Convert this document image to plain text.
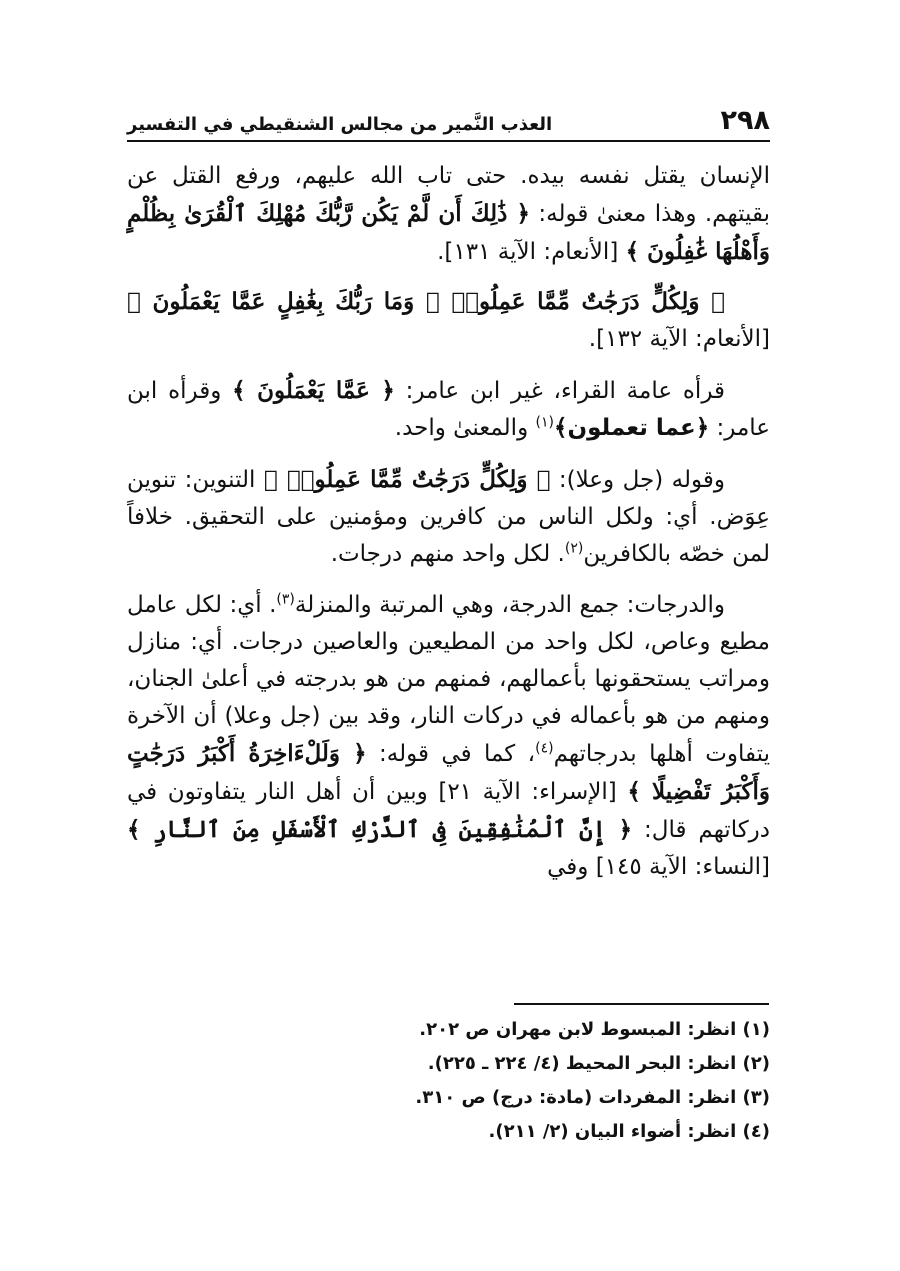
٢٩٨
العذب النَّمير من مجالس الشنقيطي في التفسير

الإنسان يقتل نفسه بيده. حتى تاب الله عليهم، ورفع القتل عن بقيتهم. وهذا معنىٰ قوله: ﴿ ذَٰلِكَ أَن لَّمْ يَكُن رَّبُّكَ مُهْلِكَ ٱلْقُرَىٰ بِظُلْمٍ وَأَهْلُهَا غَٰفِلُونَ ﴾ [الأنعام: الآية ١٣١].

﴿ وَلِكُلٍّ دَرَجَٰتٌ مِّمَّا عَمِلُوا۟ ۚ وَمَا رَبُّكَ بِغَٰفِلٍ عَمَّا يَعْمَلُونَ ﴾ [الأنعام: الآية ١٣٢].

قرأه عامة القراء، غير ابن عامر: ﴿ عَمَّا يَعْمَلُونَ ﴾ وقرأه ابن عامر: ﴿عما تعملون﴾$^{(١)}$ والمعنىٰ واحد.

وقوله (جل وعلا): ﴿ وَلِكُلٍّ دَرَجَٰتٌ مِّمَّا عَمِلُوا۟ ﴾ التنوين: تنوين عِوَض. أي: ولكل الناس من كافرين ومؤمنين على التحقيق. خلافاً لمن خصّه بالكافرين$^{(٢)}$. لكل واحد منهم درجات.

والدرجات: جمع الدرجة، وهي المرتبة والمنزلة$^{(٣)}$. أي: لكل عامل مطيع وعاص، لكل واحد من المطيعين والعاصين درجات. أي: منازل ومراتب يستحقونها بأعمالهم، فمنهم من هو بدرجته في أعلىٰ الجنان، ومنهم من هو بأعماله في دركات النار، وقد بين (جل وعلا) أن الآخرة يتفاوت أهلها بدرجاتهم$^{(٤)}$، كما في قوله: ﴿ وَلَلْءَاخِرَةُ أَكْبَرُ دَرَجَٰتٍ وَأَكْبَرُ تَفْضِيلًا ﴾ [الإسراء: الآية ٢١] وبين أن أهل النار يتفاوتون في دركاتهم قال: ﴿ إِنَّ ٱلْمُنَٰفِقِينَ فِى ٱلدَّرْكِ ٱلْأَسْفَلِ مِنَ ٱلنَّارِ ﴾ [النساء: الآية ١٤٥] وفي

(١) انظر: المبسوط لابن مهران ص ٢٠٢.
(٢) انظر: البحر المحيط (٤/ ٢٢٤ ـ ٢٢٥).
(٣) انظر: المفردات (مادة: درج) ص ٣١٠.
(٤) انظر: أضواء البيان (٢/ ٢١١).
